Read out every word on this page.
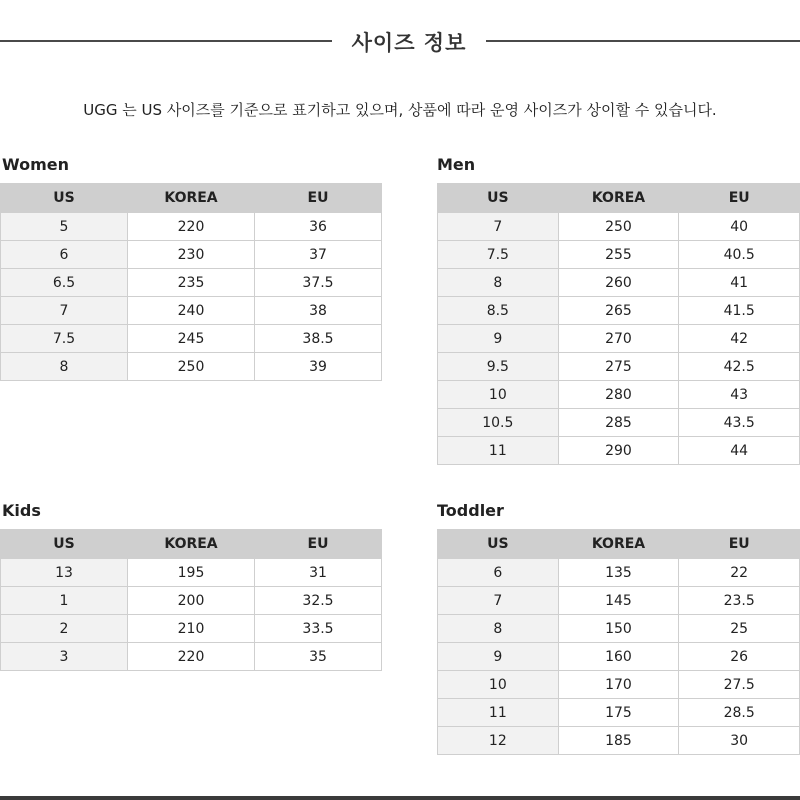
사이즈 정보
UGG 는 US 사이즈를 기준으로 표기하고 있으며, 상품에 따라 운영 사이즈가 상이할 수 있습니다.
Women
US	KOREA	EU
5	220	36
6	230	37
6.5	235	37.5
7	240	38
7.5	245	38.5
8	250	39
Men
US	KOREA	EU
7	250	40
7.5	255	40.5
8	260	41
8.5	265	41.5
9	270	42
9.5	275	42.5
10	280	43
10.5	285	43.5
11	290	44
Kids
US	KOREA	EU
13	195	31
1	200	32.5
2	210	33.5
3	220	35
Toddler
US	KOREA	EU
6	135	22
7	145	23.5
8	150	25
9	160	26
10	170	27.5
11	175	28.5
12	185	30
